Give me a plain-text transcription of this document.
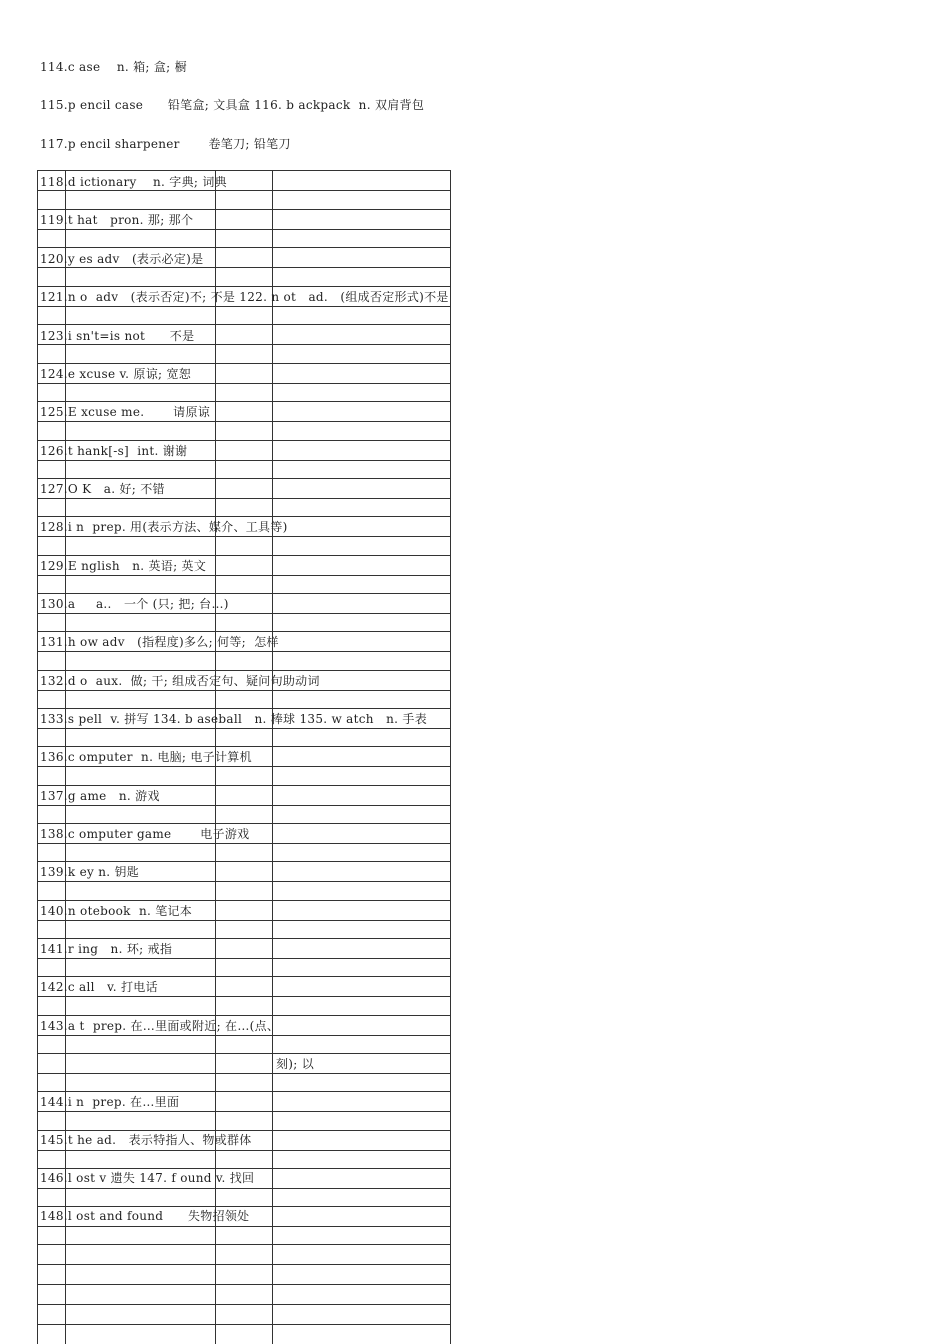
114.c ase    n. 箱; 盒; 橱
115.p encil case      铅笔盒; 文具盒 116. b ackpack  n. 双肩背包
117.p encil sharpener       卷笔刀; 铅笔刀
118.d ictionary    n. 字典; 词典
119.t hat   pron. 那; 那个
120.y es adv   (表示必定)是
121.n o  adv   (表示否定)不; 不是 122. n ot   ad.   (组成否定形式)不是
123.i sn't=is not      不是
124.e xcuse v. 原谅; 宽恕
125.E xcuse me.       请原谅
126.t hank[-s]  int. 谢谢
127.O K   a. 好; 不错
128.i n  prep. 用(表示方法、媒介、工具等)
129.E nglish   n. 英语; 英文
130.a     a..   一个 (只; 把; 台…)
131.h ow adv   (指程度)多么; 何等;  怎样
132.d o  aux.  做; 干; 组成否定句、疑问句助动词
133.s pell  v. 拼写 134. b aseball   n. 棒球 135. w atch   n. 手表
136.c omputer  n. 电脑; 电子计算机
137.g ame   n. 游戏
138.c omputer game       电子游戏
139.k ey n. 钥匙
140.n otebook  n. 笔记本
141.r ing   n. 环; 戒指
142.c all   v. 打电话
143.a t  prep. 在…里面或附近; 在…(点、
刻); 以
144.i n  prep. 在…里面
145.t he ad.   表示特指人、物或群体
146.l ost v 遗失 147. f ound v. 找回
148.l ost and found      失物招领处
